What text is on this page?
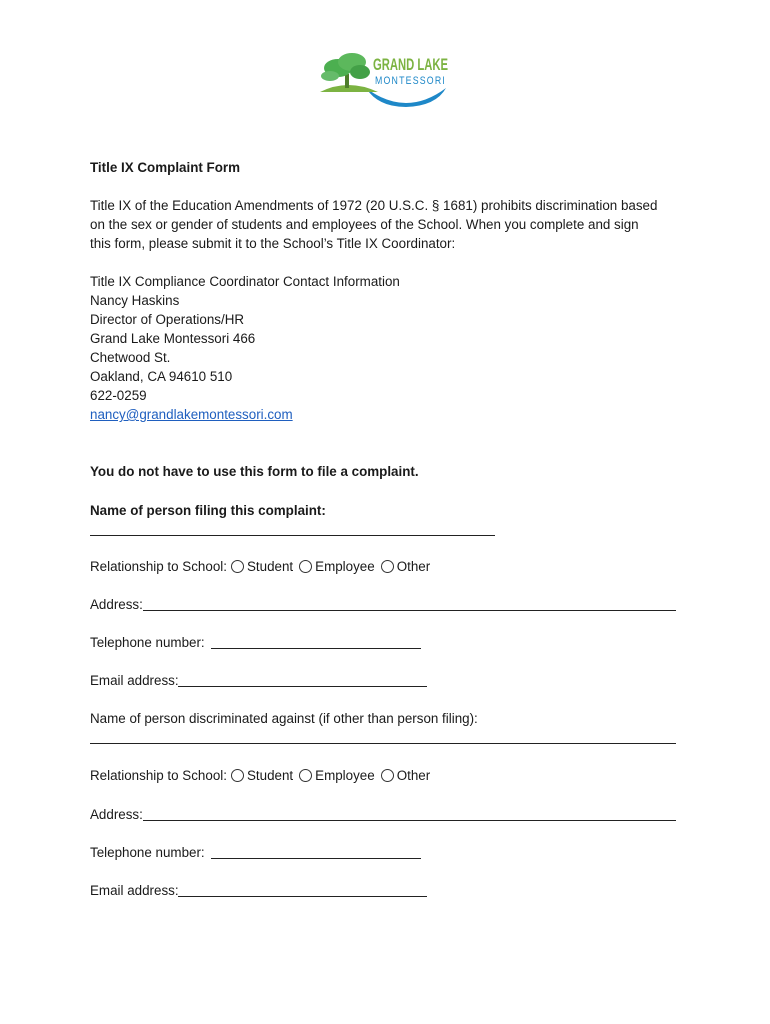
GRAND LAKE
MONTESSORI
Title IX Complaint Form
Title IX of the Education Amendments of 1972 (20 U.S.C. § 1681) prohibits discrimination based
on the sex or gender of students and employees of the School. When you complete and sign
this form, please submit it to the School’s Title IX Coordinator:
Title IX Compliance Coordinator Contact Information
Nancy Haskins
Director of Operations/HR
Grand Lake Montessori 466
Chetwood St.
Oakland, CA 94610 510
622-0259
nancy@grandlakemontessori.com
You do not have to use this form to file a complaint.
Name of person filing this complaint:
Relationship to School: Student Employee Other
Address:
Telephone number:
Email address:
Name of person discriminated against (if other than person filing):
Relationship to School: Student Employee Other
Address:
Telephone number:
Email address:
